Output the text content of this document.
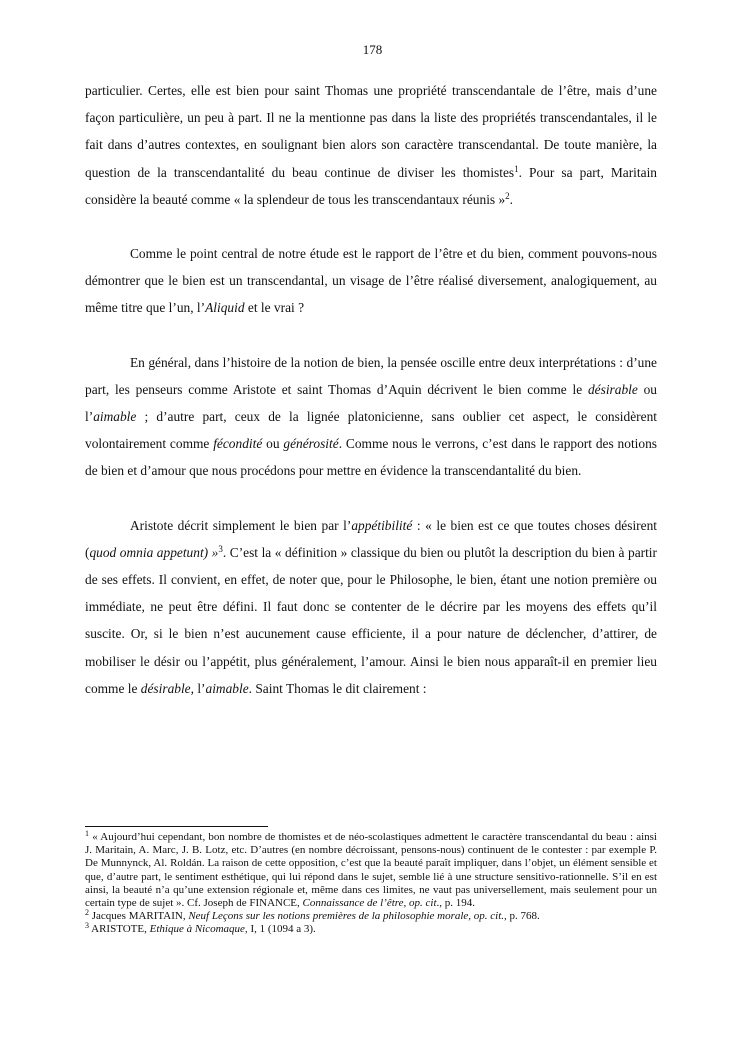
178

particulier. Certes, elle est bien pour saint Thomas une propriété transcendantale de l’être, mais d’une façon particulière, un peu à part. Il ne la mentionne pas dans la liste des propriétés transcendantales, il le fait dans d’autres contextes, en soulignant bien alors son caractère transcendantal. De toute manière, la question de la transcendantalité du beau continue de diviser les thomistes$^1$. Pour sa part, Maritain considère la beauté comme « la splendeur de tous les transcendantaux réunis »$^2$.

Comme le point central de notre étude est le rapport de l’être et du bien, comment pouvons-nous démontrer que le bien est un transcendantal, un visage de l’être réalisé diversement, analogiquement, au même titre que l’un, l’Aliquid et le vrai ?

En général, dans l’histoire de la notion de bien, la pensée oscille entre deux interprétations : d’une part, les penseurs comme Aristote et saint Thomas d’Aquin décrivent le bien comme le désirable ou l’aimable ; d’autre part, ceux de la lignée platonicienne, sans oublier cet aspect, le considèrent volontairement comme fécondité ou générosité. Comme nous le verrons, c’est dans le rapport des notions de bien et d’amour que nous procédons pour mettre en évidence la transcendantalité du bien.

Aristote décrit simplement le bien par l’appétibilité : « le bien est ce que toutes choses désirent (quod omnia appetunt) »$^3$. C’est la « définition » classique du bien ou plutôt la description du bien à partir de ses effets. Il convient, en effet, de noter que, pour le Philosophe, le bien, étant une notion première ou immédiate, ne peut être défini. Il faut donc se contenter de le décrire par les moyens des effets qu’il suscite. Or, si le bien n’est aucunement cause efficiente, il a pour nature de déclencher, d’attirer, de mobiliser le désir ou l’appétit, plus généralement, l’amour. Ainsi le bien nous apparaît-il en premier lieu comme le désirable, l’aimable. Saint Thomas le dit clairement :

$^1$ « Aujourd’hui cependant, bon nombre de thomistes et de néo-scolastiques admettent le caractère transcendantal du beau : ainsi J. Maritain, A. Marc, J. B. Lotz, etc. D’autres (en nombre décroissant, pensons-nous) continuent de le contester : par exemple P. De Munnynck, Al. Roldán. La raison de cette opposition, c’est que la beauté paraît impliquer, dans l’objet, un élément sensible et que, d’autre part, le sentiment esthétique, qui lui répond dans le sujet, semble lié à une structure sensitivo-rationnelle. S’il en est ainsi, la beauté n’a qu’une extension régionale et, même dans ces limites, ne vaut pas universellement, mais seulement pour un certain type de sujet ». Cf. Joseph de FINANCE, Connaissance de l’être, op. cit., p. 194.

$^2$ Jacques MARITAIN, Neuf Leçons sur les notions premières de la philosophie morale, op. cit., p. 768.

$^3$ ARISTOTE, Ethique à Nicomaque, I, 1 (1094 a 3).
